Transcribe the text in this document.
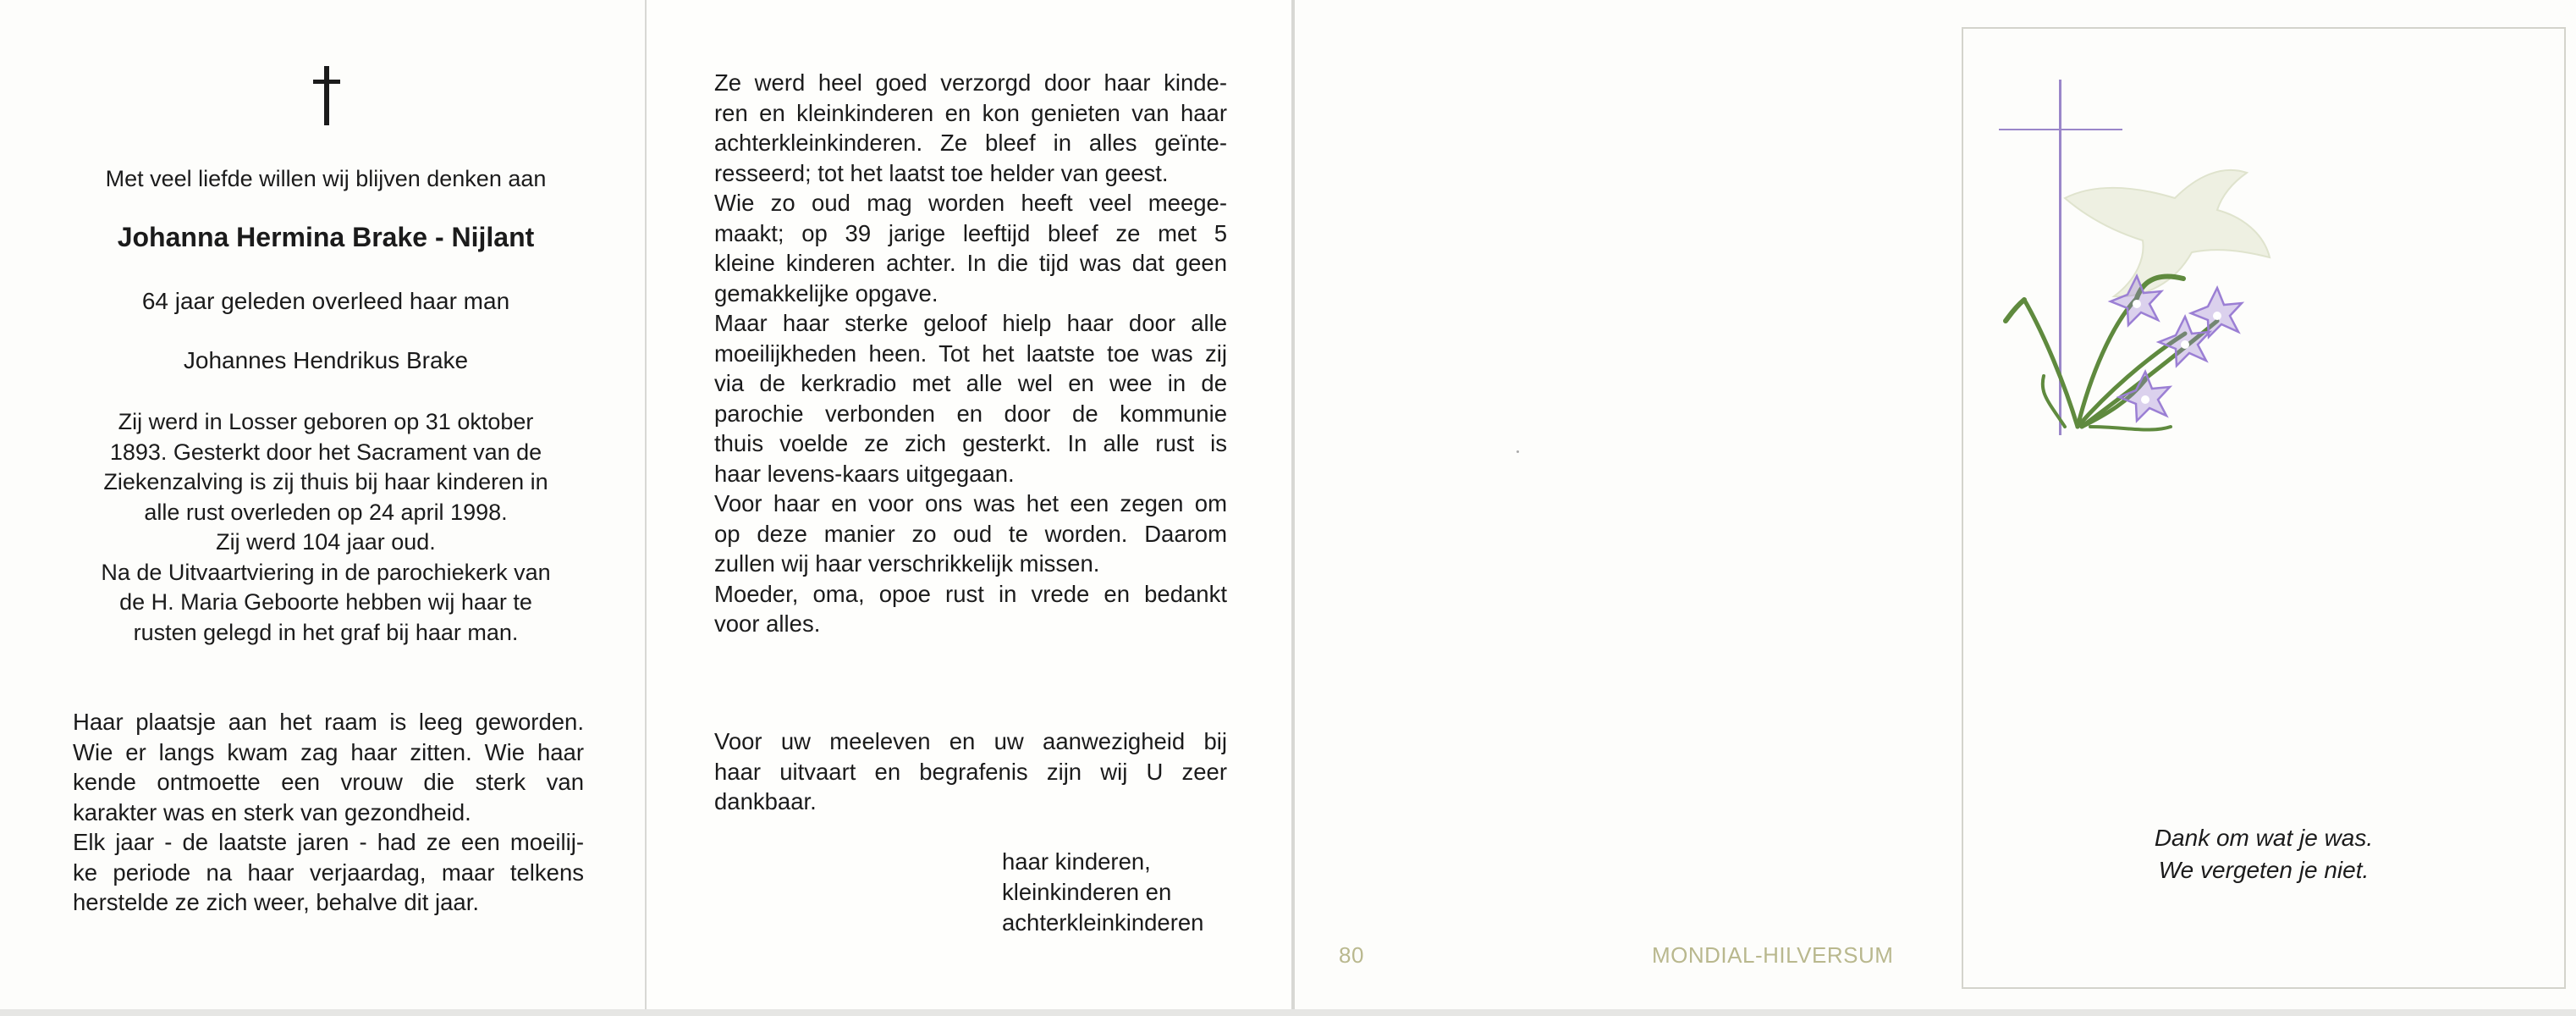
Met veel liefde willen wij blijven denken aan
Johanna Hermina Brake - Nijlant
64 jaar geleden overleed haar man
Johannes Hendrikus Brake
Zij werd in Losser geboren op 31 oktober
1893. Gesterkt door het Sacrament van de
Ziekenzalving is zij thuis bij haar kinderen in
alle rust overleden op 24 april 1998.
Zij werd 104 jaar oud.
Na de Uitvaartviering in de parochiekerk van
de H. Maria Geboorte hebben wij haar te
rusten gelegd in het graf bij haar man.
Haar plaatsje aan het raam is leeg geworden.
Wie er langs kwam zag haar zitten. Wie haar
kende ontmoette een vrouw die sterk van
karakter was en sterk van gezondheid.
Elk jaar - de laatste jaren - had ze een moeilij-
ke periode na haar verjaardag, maar telkens
herstelde ze zich weer, behalve dit jaar.
Ze werd heel goed verzorgd door haar kinde-
ren en kleinkinderen en kon genieten van haar
achterkleinkinderen. Ze bleef in alles geïnte-
resseerd; tot het laatst toe helder van geest.
Wie zo oud mag worden heeft veel meege-
maakt; op 39 jarige leeftijd bleef ze met 5
kleine kinderen achter. In die tijd was dat geen
gemakkelijke opgave.
Maar haar sterke geloof hielp haar door alle
moeilijkheden heen. Tot het laatste toe was zij
via de kerkradio met alle wel en wee in de
parochie verbonden en door de kommunie
thuis voelde ze zich gesterkt. In alle rust is
haar levens-kaars uitgegaan.
Voor haar en voor ons was het een zegen om
op deze manier zo oud te worden. Daarom
zullen wij haar verschrikkelijk missen.
Moeder, oma, opoe rust in vrede en bedankt
voor alles.
Voor uw meeleven en uw aanwezigheid bij
haar uitvaart en begrafenis zijn wij U zeer
dankbaar.
haar kinderen,
kleinkinderen en
achterkleinkinderen
80	MONDIAL-HILVERSUM
Dank om wat je was.
We vergeten je niet.
